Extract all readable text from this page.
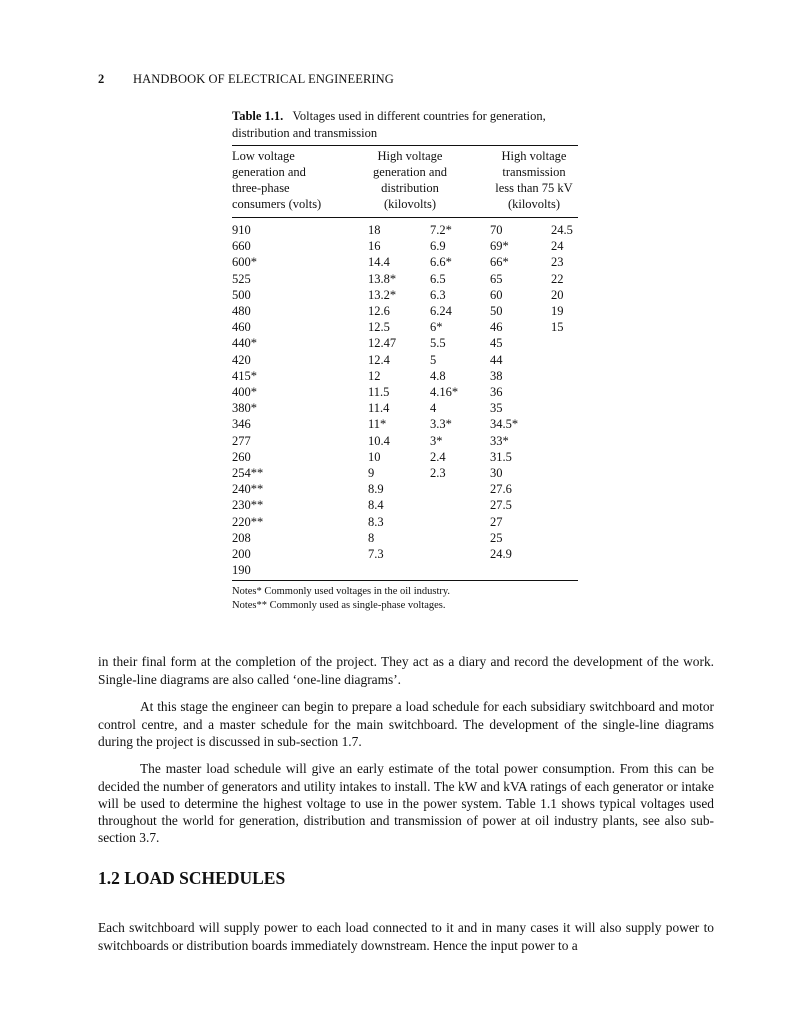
2 HANDBOOK OF ELECTRICAL ENGINEERING
Table 1.1. Voltages used in different countries for generation, distribution and transmission
Low voltage
generation and
three-phase
consumers (volts)
High voltage
generation and
distribution
(kilovolts)
High voltage
transmission
less than 75 kV
(kilovolts)
910
660
600*
525
500
480
460
440*
420
415*
400*
380*
346
277
260
254**
240**
230**
220**
208
200
190
18
16
14.4
13.8*
13.2*
12.6
12.5
12.47
12.4
12
11.5
11.4
11*
10.4
10
9
8.9
8.4
8.3
8
7.3
7.2*
6.9
6.6*
6.5
6.3
6.24
6*
5.5
5
4.8
4.16*
4
3.3*
3*
2.4
2.3
70
69*
66*
65
60
50
46
45
44
38
36
35
34.5*
33*
31.5
30
27.6
27.5
27
25
24.9
24.5
24
23
22
20
19
15
Notes* Commonly used voltages in the oil industry.
Notes** Commonly used as single-phase voltages.

in their final form at the completion of the project. They act as a diary and record the development of the work. Single-line diagrams are also called ‘one-line diagrams’.

At this stage the engineer can begin to prepare a load schedule for each subsidiary switchboard and motor control centre, and a master schedule for the main switchboard. The development of the single-line diagrams during the project is discussed in sub-section 1.7.

The master load schedule will give an early estimate of the total power consumption. From this can be decided the number of generators and utility intakes to install. The kW and kVA ratings of each generator or intake will be used to determine the highest voltage to use in the power system. Table 1.1 shows typical voltages used throughout the world for generation, distribution and transmission of power at oil industry plants, see also sub-section 3.7.

1.2 LOAD SCHEDULES

Each switchboard will supply power to each load connected to it and in many cases it will also supply power to switchboards or distribution boards immediately downstream. Hence the input power to a
